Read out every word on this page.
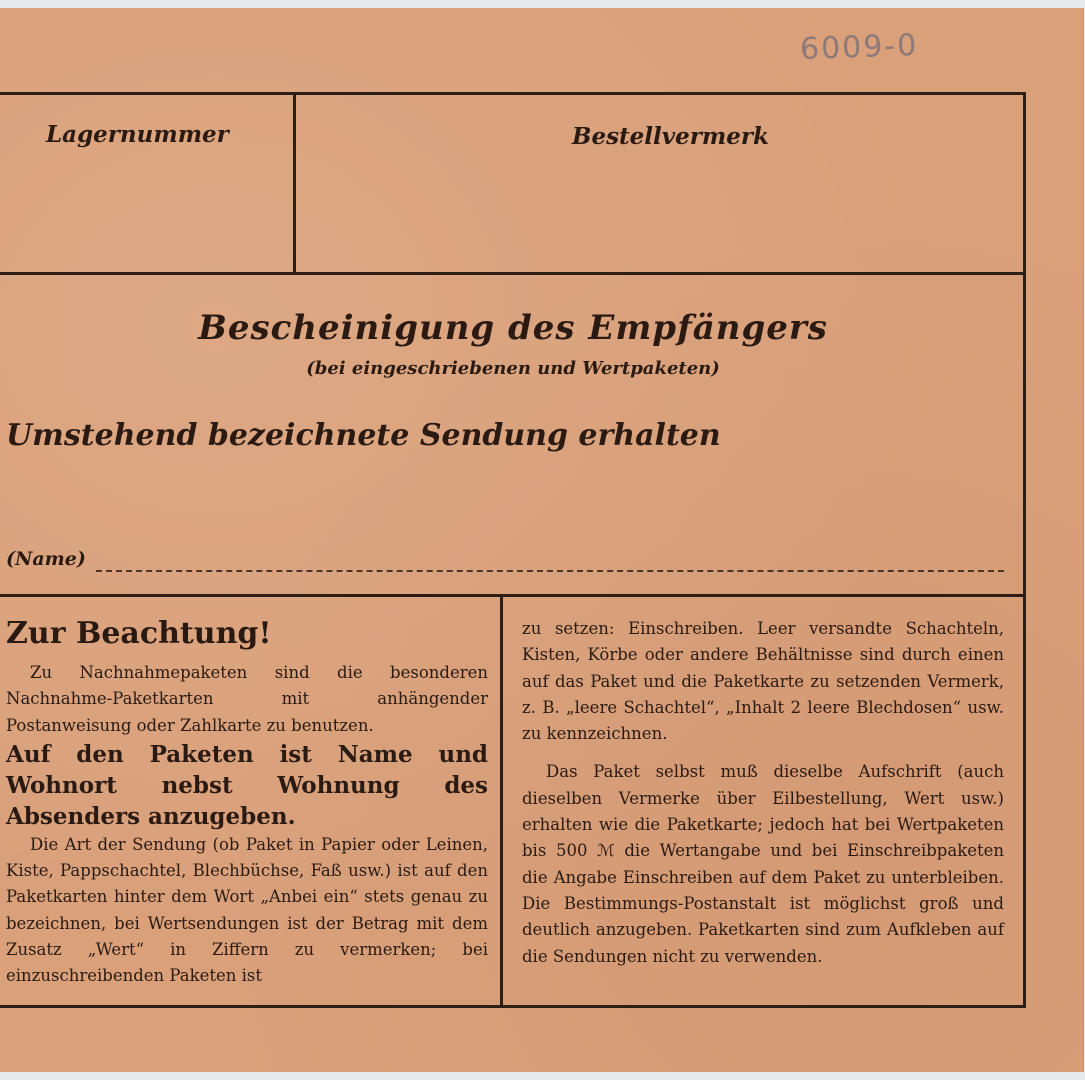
6009-0
Lagernummer	Bestellvermerk
Bescheinigung des Empfängers
(bei eingeschriebenen und Wertpaketen)
Umstehend bezeichnete Sendung erhalten
(Name)
Zur Beachtung!

Zu Nachnahmepaketen sind die besonderen Nachnahme-Paketkarten mit anhängender Postanweisung oder Zahlkarte zu benutzen.

Auf den Paketen ist Name und Wohnort nebst Wohnung des Absenders anzugeben.

Die Art der Sendung (ob Paket in Papier oder Leinen, Kiste, Pappschachtel, Blechbüchse, Faß usw.) ist auf den Paketkarten hinter dem Wort „Anbei ein“ stets genau zu bezeichnen, bei Wertsendungen ist der Betrag mit dem Zusatz „Wert“ in Ziffern zu vermerken; bei einzuschreibenden Paketen ist

zu setzen: Einschreiben. Leer versandte Schachteln, Kisten, Körbe oder andere Behältnisse sind durch einen auf das Paket und die Paketkarte zu setzenden Vermerk, z. B. „leere Schachtel“, „Inhalt 2 leere Blechdosen“ usw. zu kennzeichnen.

Das Paket selbst muß dieselbe Aufschrift (auch dieselben Vermerke über Eilbestellung, Wert usw.) erhalten wie die Paketkarte; jedoch hat bei Wertpaketen bis 500 ℳ die Wertangabe und bei Einschreibpaketen die Angabe Einschreiben auf dem Paket zu unterbleiben. Die Bestimmungs-Postanstalt ist möglichst groß und deutlich anzugeben. Paketkarten sind zum Aufkleben auf die Sendungen nicht zu verwenden.
